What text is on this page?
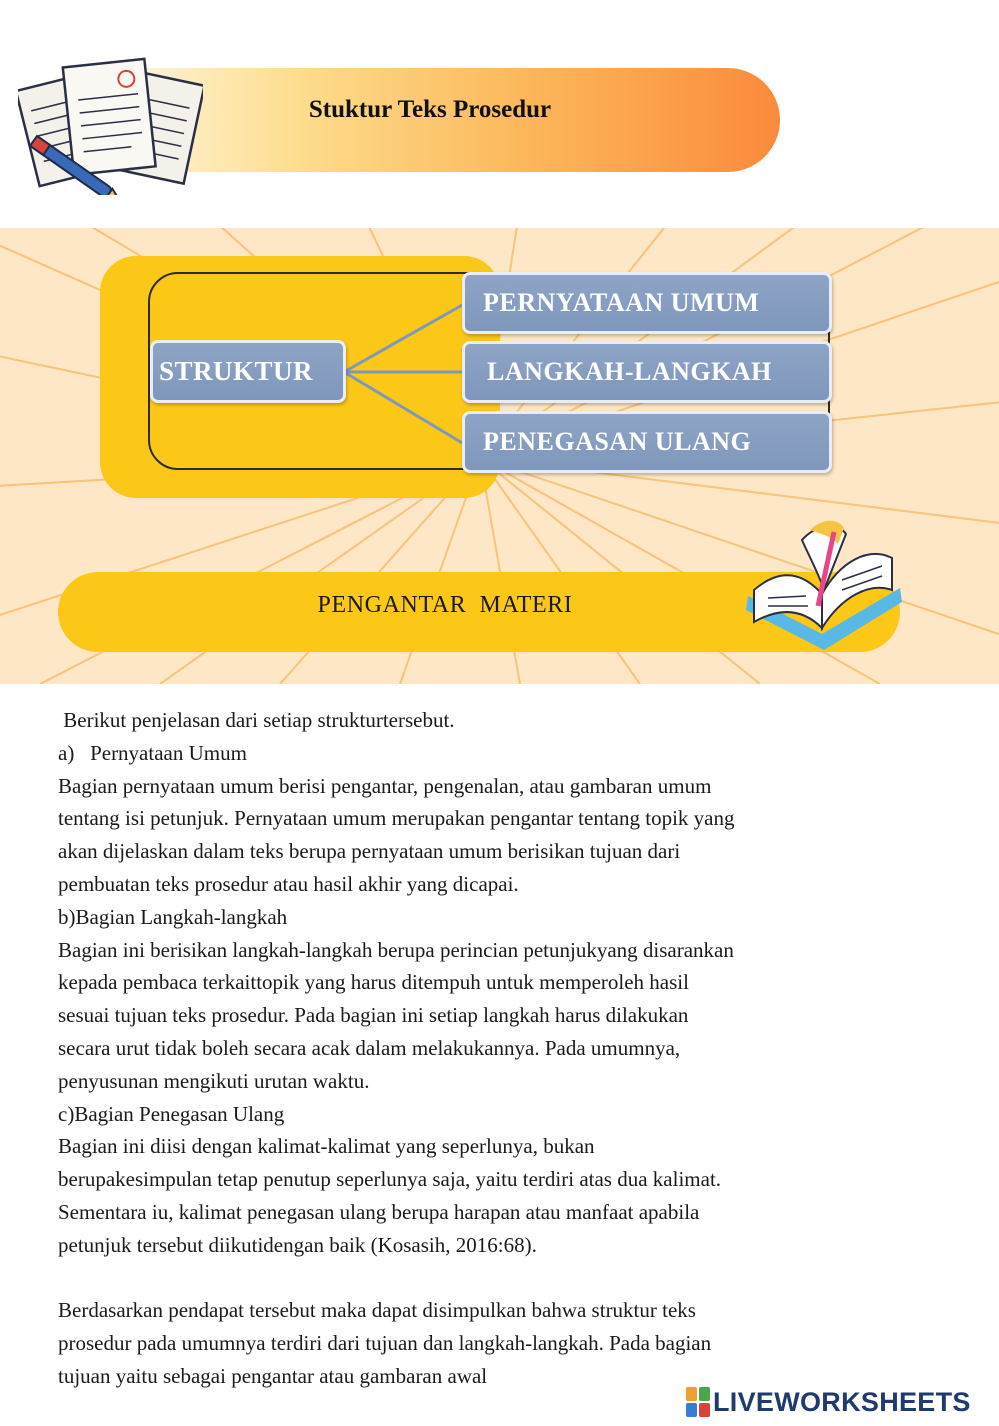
Stuktur Teks Prosedur
STRUKTUR
PERNYATAAN UMUM
LANGKAH-LANGKAH
PENEGASAN ULANG
PENGANTAR  MATERI

Berikut penjelasan dari setiap strukturtersebut.

a)   Pernyataan Umum

Bagian pernyataan umum berisi pengantar, pengenalan, atau gambaran umum

tentang isi petunjuk. Pernyataan umum merupakan pengantar tentang topik yang

akan dijelaskan dalam teks berupa pernyataan umum berisikan tujuan dari

pembuatan teks prosedur atau hasil akhir yang dicapai.

b)Bagian Langkah-langkah

Bagian ini berisikan langkah-langkah berupa perincian petunjukyang disarankan

kepada pembaca terkaittopik yang harus ditempuh untuk memperoleh hasil

sesuai tujuan teks prosedur. Pada bagian ini setiap langkah harus dilakukan

secara urut tidak boleh secara acak dalam melakukannya. Pada umumnya,

penyusunan mengikuti urutan waktu.

c)Bagian Penegasan Ulang

Bagian ini diisi dengan kalimat-kalimat yang seperlunya, bukan

berupakesimpulan tetap penutup seperlunya saja, yaitu terdiri atas dua kalimat.

Sementara iu, kalimat penegasan ulang berupa harapan atau manfaat apabila

petunjuk tersebut diikutidengan baik (Kosasih, 2016:68).

Berdasarkan pendapat tersebut maka dapat disimpulkan bahwa struktur teks

prosedur pada umumnya terdiri dari tujuan dan langkah-langkah. Pada bagian

tujuan yaitu sebagai pengantar atau gambaran awal

LIVEWORKSHEETS
